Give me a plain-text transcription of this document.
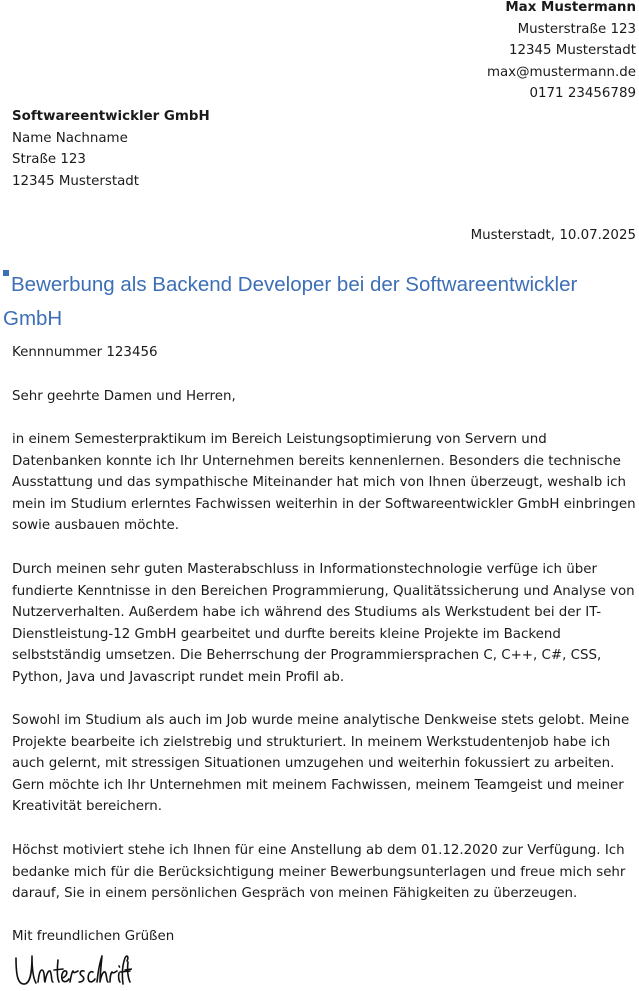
Max Mustermann
Musterstraße 123
12345 Musterstadt
max@mustermann.de
0171 23456789
Softwareentwickler GmbH
Name Nachname
Straße 123
12345 Musterstadt
Musterstadt, 10.07.2025
Bewerbung als Backend Developer bei der Softwareentwickler GmbH
Kennnummer 123456
Sehr geehrte Damen und Herren,

in einem Semesterpraktikum im Bereich Leistungsoptimierung von Servern und Datenbanken konnte ich Ihr Unternehmen bereits kennenlernen. Besonders die technische Ausstattung und das sympathische Miteinander hat mich von Ihnen überzeugt, weshalb ich mein im Studium erlerntes Fachwissen weiterhin in der Softwareentwickler GmbH einbringen sowie ausbauen möchte.

Durch meinen sehr guten Masterabschluss in Informationstechnologie verfüge ich über fundierte Kenntnisse in den Bereichen Programmierung, Qualitätssicherung und Analyse von Nutzerverhalten. Außerdem habe ich während des Studiums als Werkstudent bei der IT-Dienstleistung-12 GmbH gearbeitet und durfte bereits kleine Projekte im Backend selbstständig umsetzen. Die Beherrschung der Programmiersprachen C, C++, C#, CSS, Python, Java und Javascript rundet mein Profil ab.

Sowohl im Studium als auch im Job wurde meine analytische Denkweise stets gelobt. Meine Projekte bearbeite ich zielstrebig und strukturiert. In meinem Werkstudentenjob habe ich auch gelernt, mit stressigen Situationen umzugehen und weiterhin fokussiert zu arbeiten. Gern möchte ich Ihr Unternehmen mit meinem Fachwissen, meinem Teamgeist und meiner Kreativität bereichern.

Höchst motiviert stehe ich Ihnen für eine Anstellung ab dem 01.12.2020 zur Verfügung. Ich bedanke mich für die Berücksichtigung meiner Bewerbungsunterlagen und freue mich sehr darauf, Sie in einem persönlichen Gespräch von meinen Fähigkeiten zu überzeugen.

Mit freundlichen Grüßen
